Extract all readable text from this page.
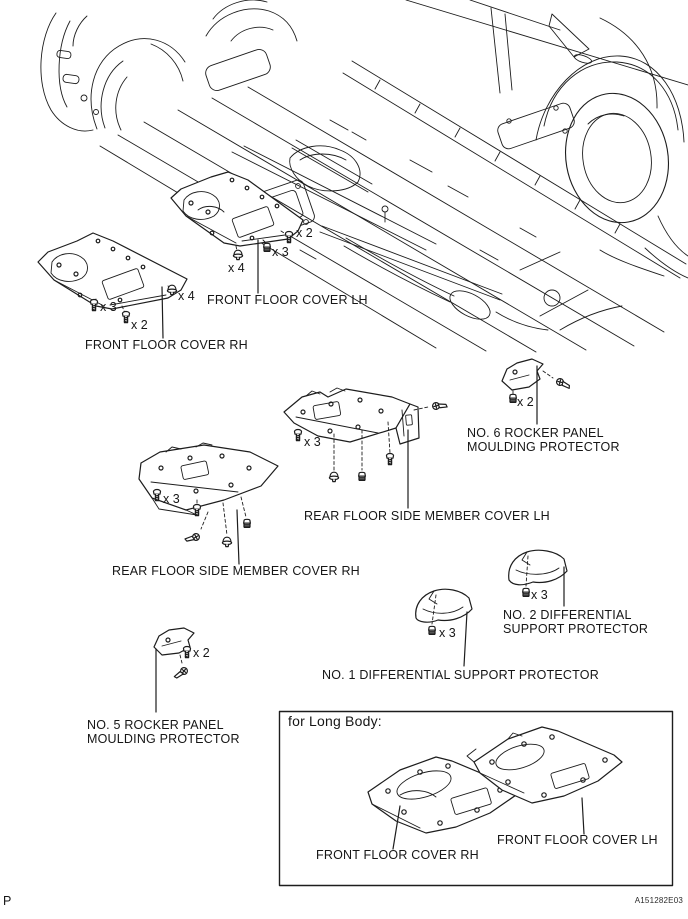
FRONT FLOOR COVER LH
FRONT FLOOR COVER RH
NO. 6 ROCKER PANEL
MOULDING PROTECTOR
REAR FLOOR SIDE MEMBER COVER LH
REAR FLOOR SIDE MEMBER COVER RH
NO. 2 DIFFERENTIAL
SUPPORT PROTECTOR
NO. 1 DIFFERENTIAL SUPPORT PROTECTOR
NO. 5 ROCKER PANEL
MOULDING PROTECTOR
for Long Body:
FRONT FLOOR COVER RH
FRONT FLOOR COVER LH
x 4
x 3
x 2
x 3
x 2
x 4
x 2
x 3
x 3
x 3
x 3
x 2
P	A151282E03
